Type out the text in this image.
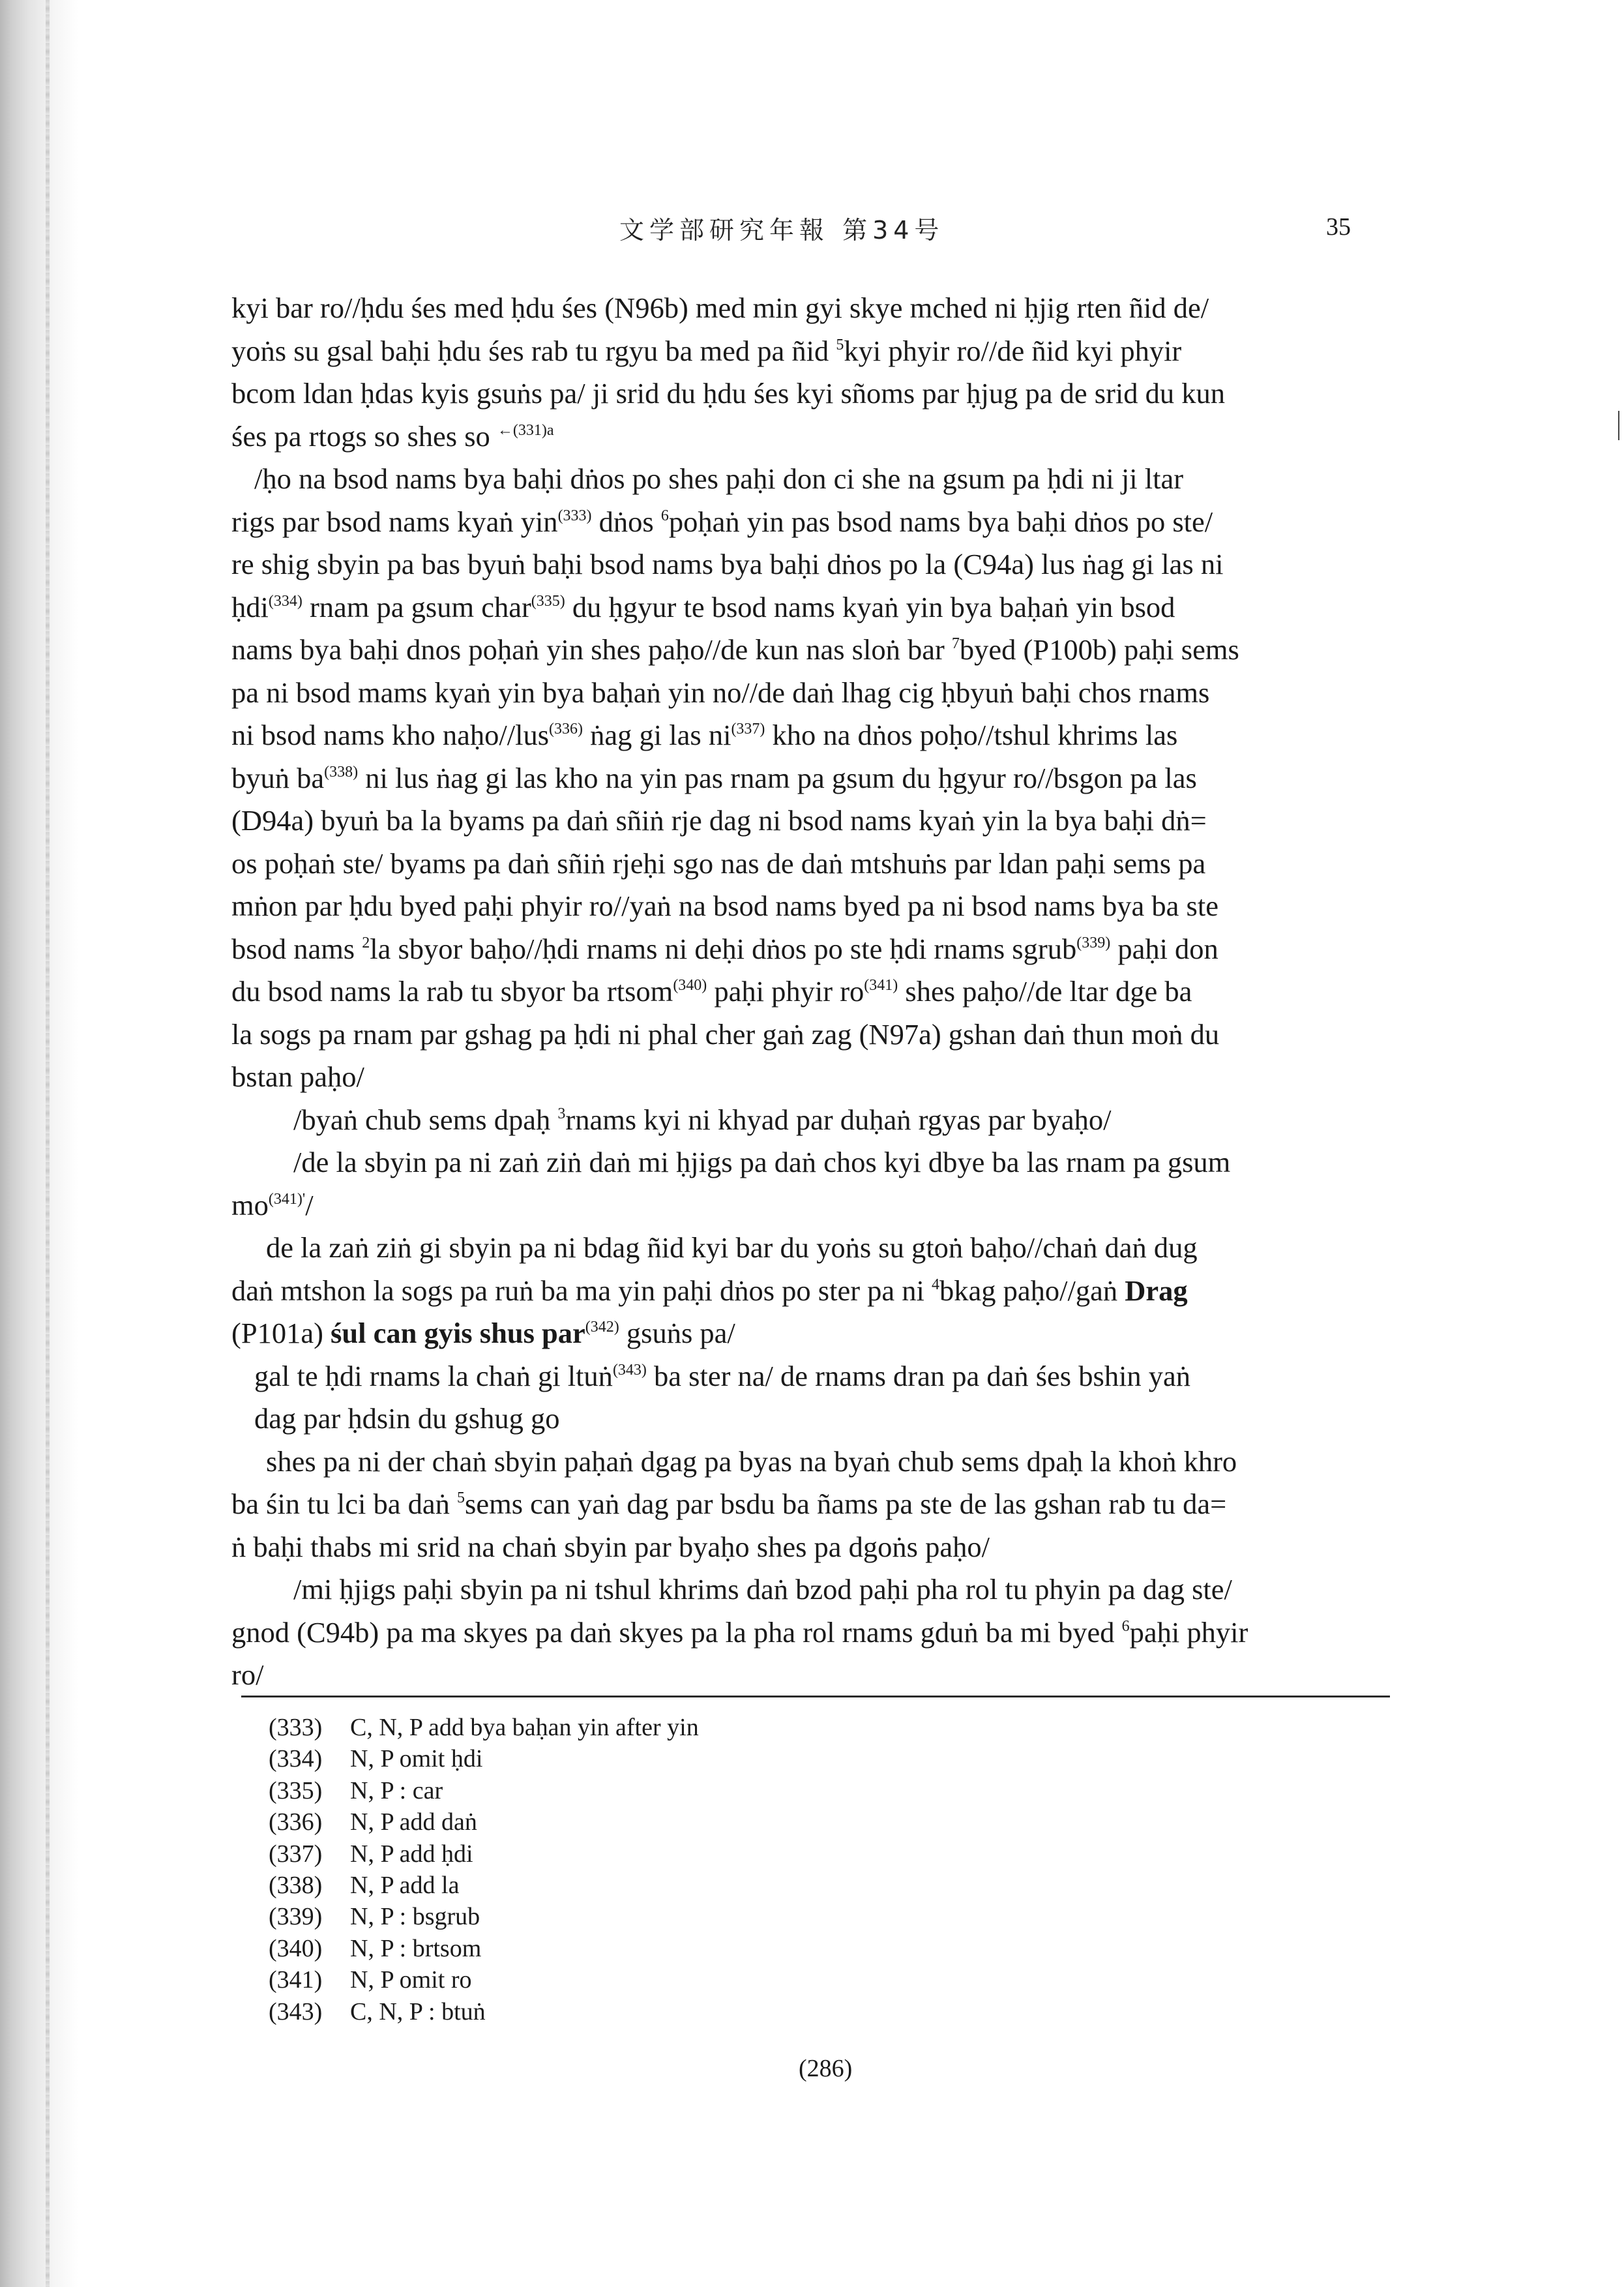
文学部研究年報 第34号	35
kyi bar ro//ḥdu śes med ḥdu śes (N96b) med min gyi skye mched ni ḥjig rten ñid de/
yoṅs su gsal baḥi ḥdu śes rab tu rgyu ba med pa ñid $^5$kyi phyir ro//de ñid kyi phyir
bcom ldan ḥdas kyis gsuṅs pa/ ji srid du ḥdu śes kyi sñoms par ḥjug pa de srid du kun
śes pa rtogs so shes so $^{\leftarrow(331)a}$
/ḥo na bsod nams bya baḥi dṅos po shes paḥi don ci she na gsum pa ḥdi ni ji ltar
rigs par bsod nams kyaṅ yin$^{(333)}$ dṅos $^6$poḥaṅ yin pas bsod nams bya baḥi dṅos po ste/
re shig sbyin pa bas byuṅ baḥi bsod nams bya baḥi dṅos po la (C94a) lus ṅag gi las ni
ḥdi$^{(334)}$ rnam pa gsum char$^{(335)}$ du ḥgyur te bsod nams kyaṅ yin bya baḥaṅ yin bsod
nams bya baḥi dnos poḥaṅ yin shes paḥo//de kun nas sloṅ bar $^7$byed (P100b) paḥi sems
pa ni bsod mams kyaṅ yin bya baḥaṅ yin no//de daṅ lhag cig ḥbyuṅ baḥi chos rnams
ni bsod nams kho naḥo//lus$^{(336)}$ ṅag gi las $ni^{(337)}$ kho na dṅos poḥo//tshul khrims las
byuṅ $ba^{(338)}$ ni lus ṅag gi las kho na yin pas rnam pa gsum du ḥgyur ro//bsgon pa las
(D94a) byuṅ ba la byams pa daṅ sñiṅ rje dag ni bsod nams kyaṅ yin la bya baḥi dṅ=
os poḥaṅ ste/ byams pa daṅ sñiṅ rjeḥi sgo nas de daṅ mtshuṅs par ldan paḥi sems pa
mṅon par ḥdu byed paḥi phyir ro//yaṅ na bsod nams byed pa ni bsod nams bya ba ste
bsod nams $^2$la sbyor baḥo//ḥdi rnams ni deḥi dṅos po ste ḥdi rnams sgrub$^{(339)}$ paḥi don
du bsod nams la rab tu sbyor ba rtsom$^{(340)}$ paḥi phyir $ro^{(341)}$ shes paḥo//de ltar dge ba
la sogs pa rnam par gshag pa ḥdi ni phal cher gaṅ zag (N97a) gshan daṅ thun moṅ du
bstan paḥo/
/byaṅ chub sems dpaḥ $^3$rnams kyi ni khyad par duḥaṅ rgyas par byaḥo/
/de la sbyin pa ni zaṅ ziṅ daṅ mi ḥjigs pa daṅ chos kyi dbye ba las rnam pa gsum
$mo^{(341)'}/$
de la zaṅ ziṅ gi sbyin pa ni bdag ñid kyi bar du yoṅs su gtoṅ baḥo//chaṅ daṅ dug
daṅ mtshon la sogs pa ruṅ ba ma yin paḥi dṅos po ster pa ni $^4$bkag paḥo//gaṅ Drag
(P101a) śul can gyis shus par$^{(342)}$ gsuṅs pa/
gal te ḥdi rnams la chaṅ gi ltuṅ$^{(343)}$ ba ster na/ de rnams dran pa daṅ śes bshin yaṅ
dag par ḥdsin du gshug go
shes pa ni der chaṅ sbyin paḥaṅ dgag pa byas na byaṅ chub sems dpaḥ la khoṅ khro
ba śin tu lci ba daṅ $^5$sems can yaṅ dag par bsdu ba ñams pa ste de las gshan rab tu da=
ṅ baḥi thabs mi srid na chaṅ sbyin par byaḥo shes pa dgoṅs paḥo/
/mi ḥjigs paḥi sbyin pa ni tshul khrims daṅ bzod paḥi pha rol tu phyin pa dag ste/
gnod (C94b) pa ma skyes pa daṅ skyes pa la pha rol rnams gduṅ ba mi byed $^6$paḥi phyir
ro/
(333) C, N, P add bya baḥan yin after yin
(334) N, P omit ḥdi
(335) N, P : car
(336) N, P add daṅ
(337) N, P add ḥdi
(338) N, P add la
(339) N, P : bsgrub
(340) N, P : brtsom
(341) N, P omit ro
(343) C, N, P : btuṅ
(286)
